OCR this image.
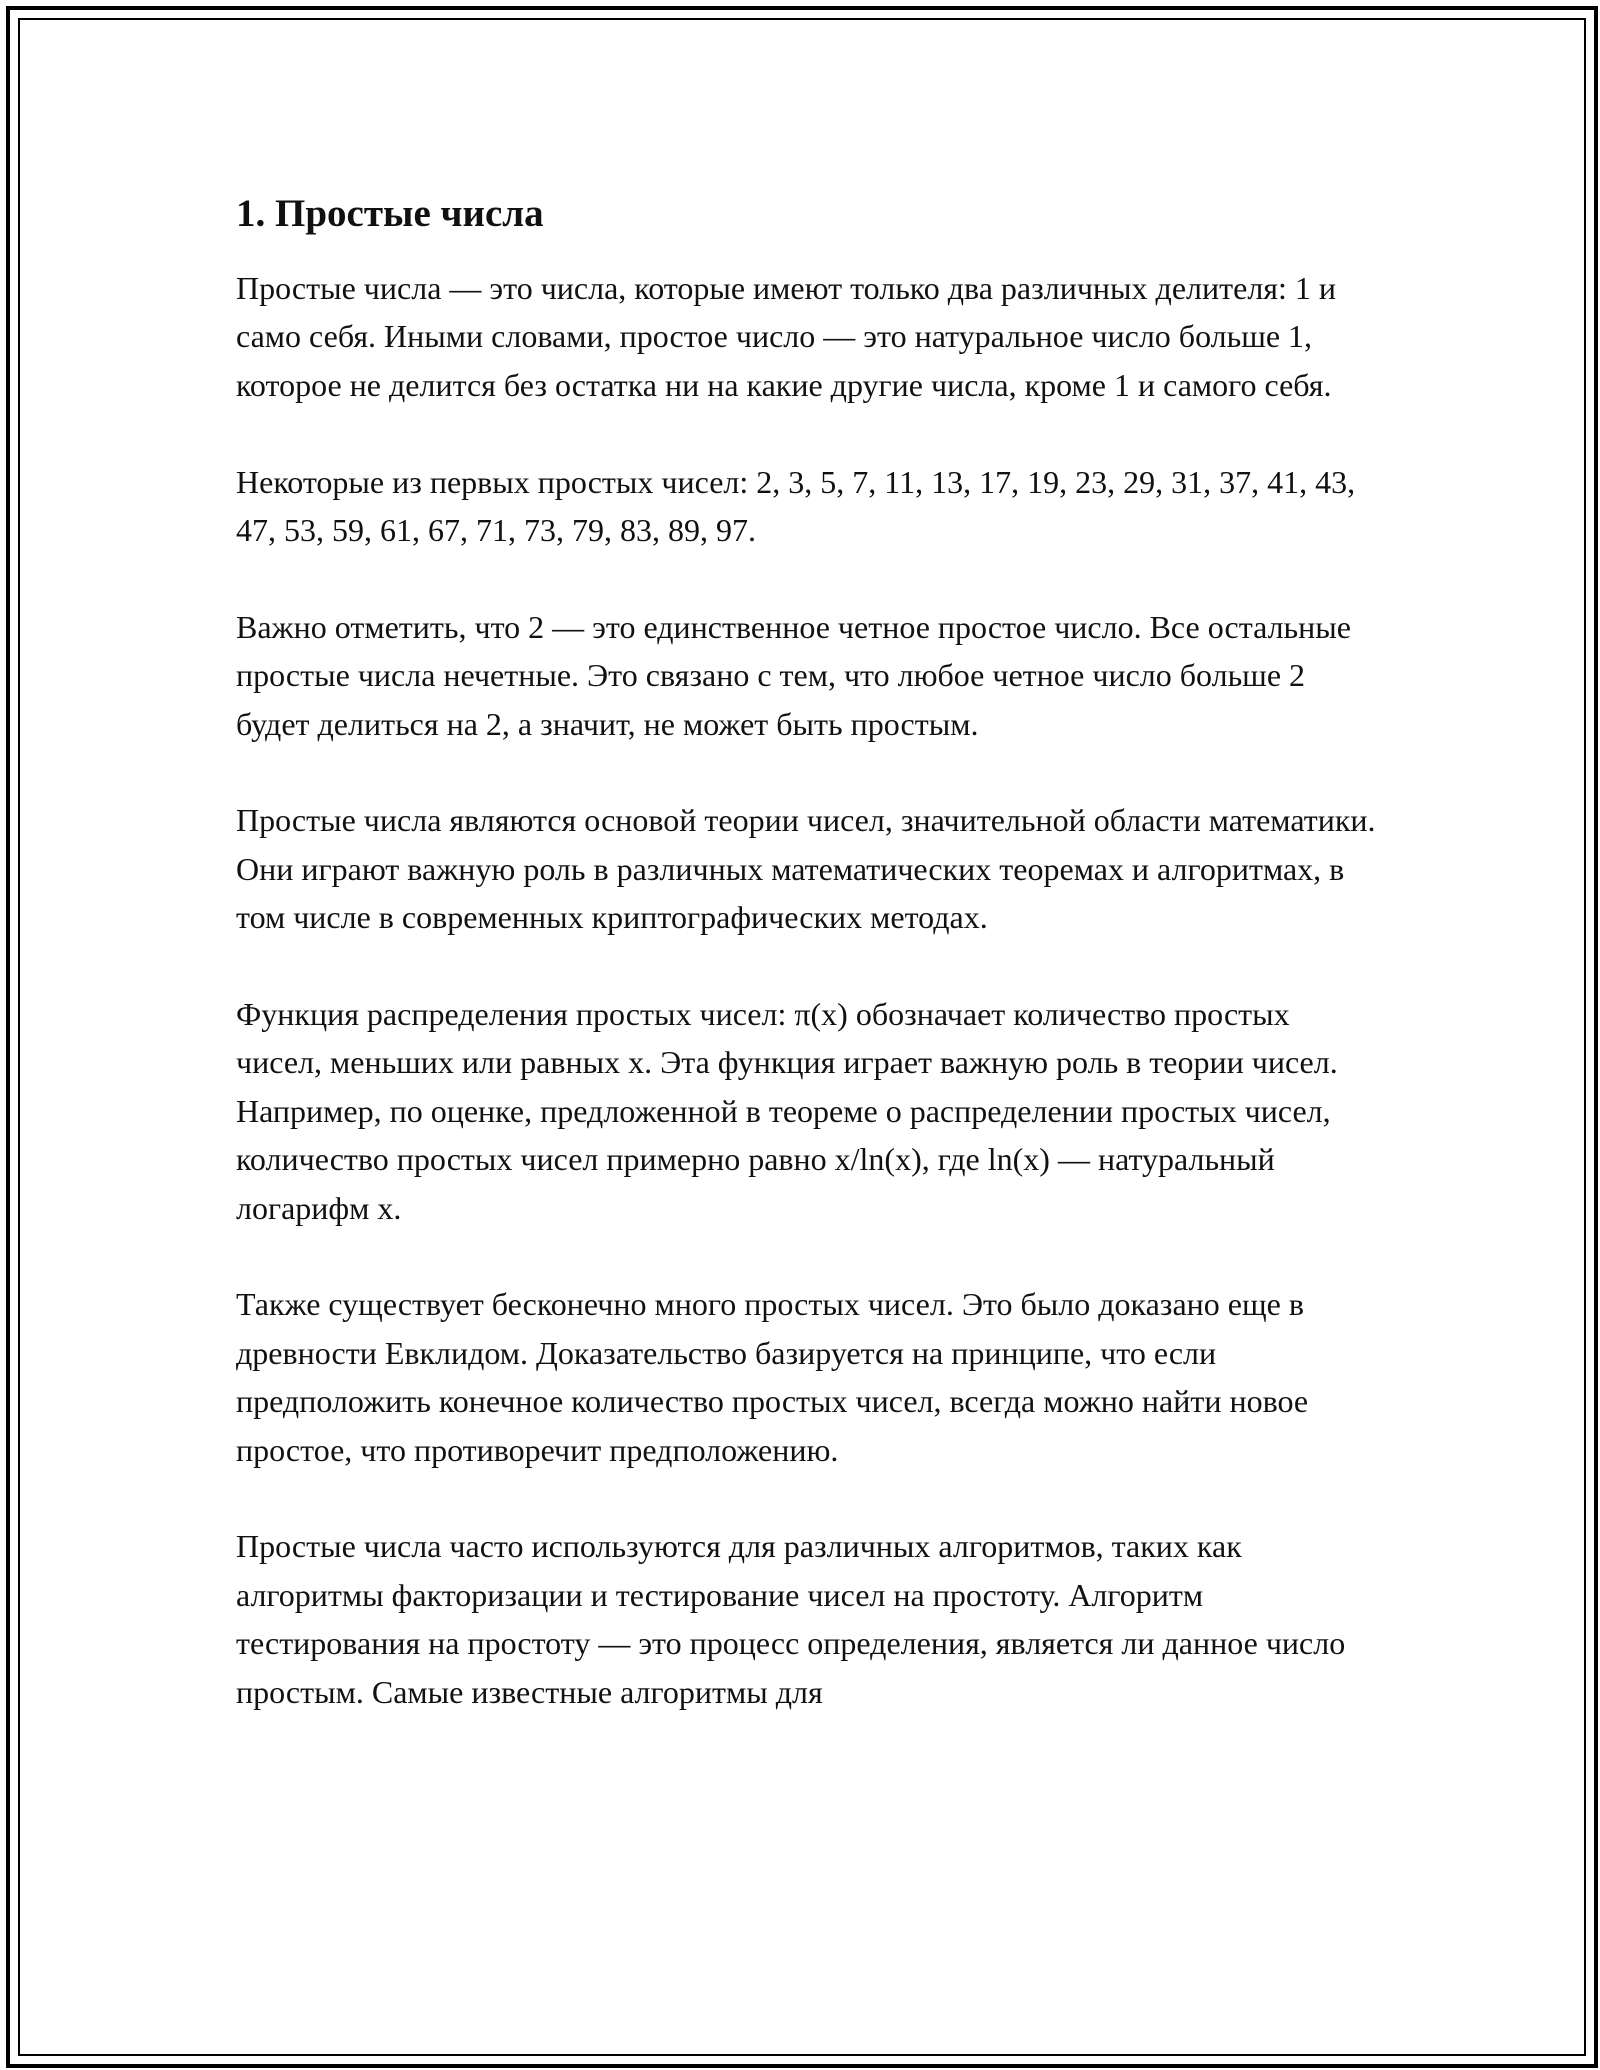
1. Простые числа

Простые числа — это числа, которые имеют только два различных делителя: 1 и само себя. Иными словами, простое число — это натуральное число больше 1, которое не делится без остатка ни на какие другие числа, кроме 1 и самого себя.

Некоторые из первых простых чисел: 2, 3, 5, 7, 11, 13, 17, 19, 23, 29, 31, 37, 41, 43, 47, 53, 59, 61, 67, 71, 73, 79, 83, 89, 97.

Важно отметить, что 2 — это единственное четное простое число. Все остальные простые числа нечетные. Это связано с тем, что любое четное число больше 2 будет делиться на 2, а значит, не может быть простым.

Простые числа являются основой теории чисел, значительной области математики. Они играют важную роль в различных математических теоремах и алгоритмах, в том числе в современных криптографических методах.

Функция распределения простых чисел: π(x) обозначает количество простых чисел, меньших или равных x. Эта функция играет важную роль в теории чисел. Например, по оценке, предложенной в теореме о распределении простых чисел, количество простых чисел примерно равно x/ln(x), где ln(x) — натуральный логарифм x.

Также существует бесконечно много простых чисел. Это было доказано еще в древности Евклидом. Доказательство базируется на принципе, что если предположить конечное количество простых чисел, всегда можно найти новое простое, что противоречит предположению.

Простые числа часто используются для различных алгоритмов, таких как алгоритмы факторизации и тестирование чисел на простоту. Алгоритм тестирования на простоту — это процесс определения, является ли данное число простым. Самые известные алгоритмы для
